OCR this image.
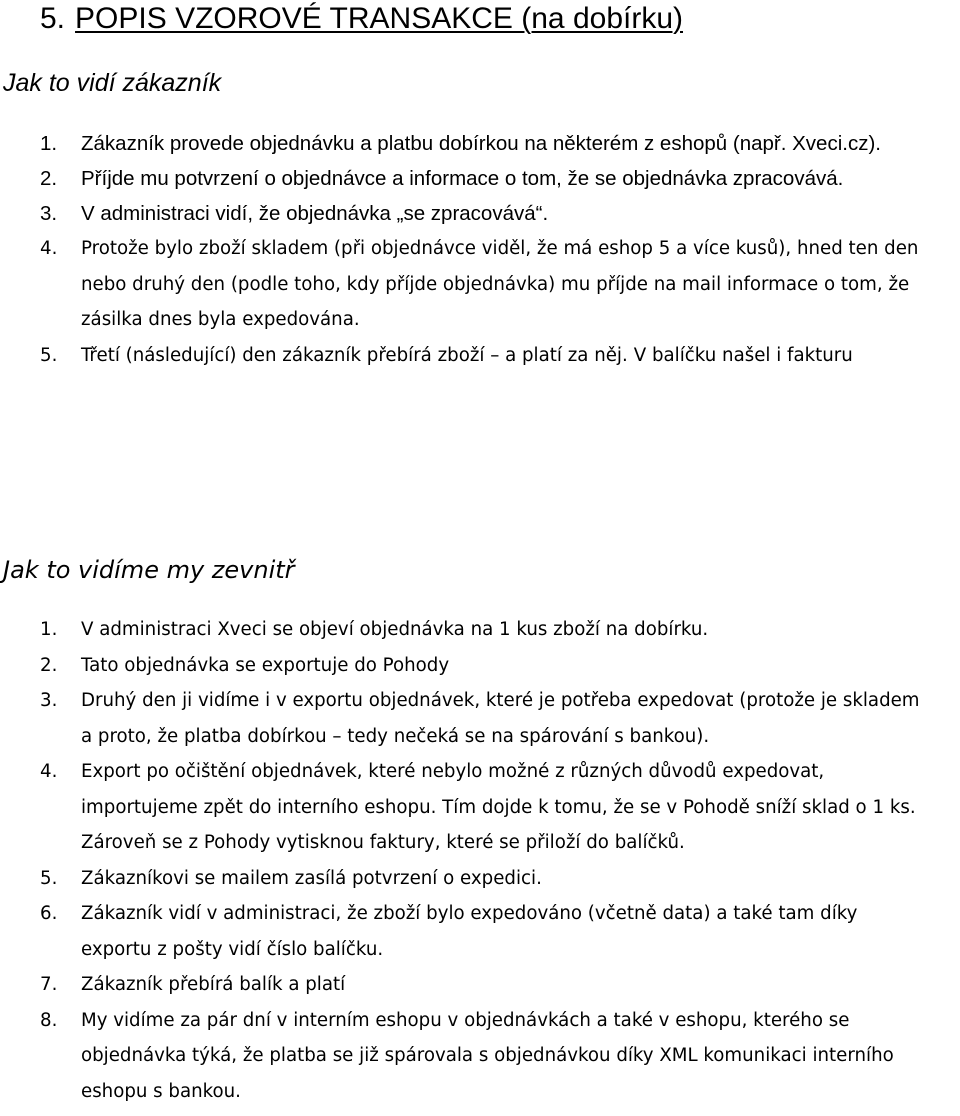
5. POPIS VZOROVÉ TRANSAKCE (na dobírku)
Jak to vidí zákazník
1. Zákazník provede objednávku a platbu dobírkou na některém z eshopů (např. Xveci.cz).
2. Příjde mu potvrzení o objednávce a informace o tom, že se objednávka zpracovává.
3. V administraci vidí, že objednávka „se zpracovává“.
4. Protože bylo zboží skladem (při objednávce viděl, že má eshop 5 a více kusů), hned ten den nebo druhý den (podle toho, kdy příjde objednávka) mu příjde na mail informace o tom, že zásilka dnes byla expedována.
5. Třetí (následující) den zákazník přebírá zboží – a platí za něj. V balíčku našel i fakturu
Jak to vidíme my zevnitř
1. V administraci Xveci se objeví objednávka na 1 kus zboží na dobírku.
2. Tato objednávka se exportuje do Pohody
3. Druhý den ji vidíme i v exportu objednávek, které je potřeba expedovat (protože je skladem a proto, že platba dobírkou – tedy nečeká se na spárování s bankou).
4. Export po očištění objednávek, které nebylo možné z různých důvodů expedovat, importujeme zpět do interního eshopu. Tím dojde k tomu, že se v Pohodě sníží sklad o 1 ks. Zároveň se z Pohody vytisknou faktury, které se přiloží do balíčků.
5. Zákazníkovi se mailem zasílá potvrzení o expedici.
6. Zákazník vidí v administraci, že zboží bylo expedováno (včetně data) a také tam díky exportu z pošty vidí číslo balíčku.
7. Zákazník přebírá balík a platí
8. My vidíme za pár dní v interním eshopu v objednávkách a také v eshopu, kterého se objednávka týká, že platba se již spárovala s objednávkou díky XML komunikaci interního eshopu s bankou.
